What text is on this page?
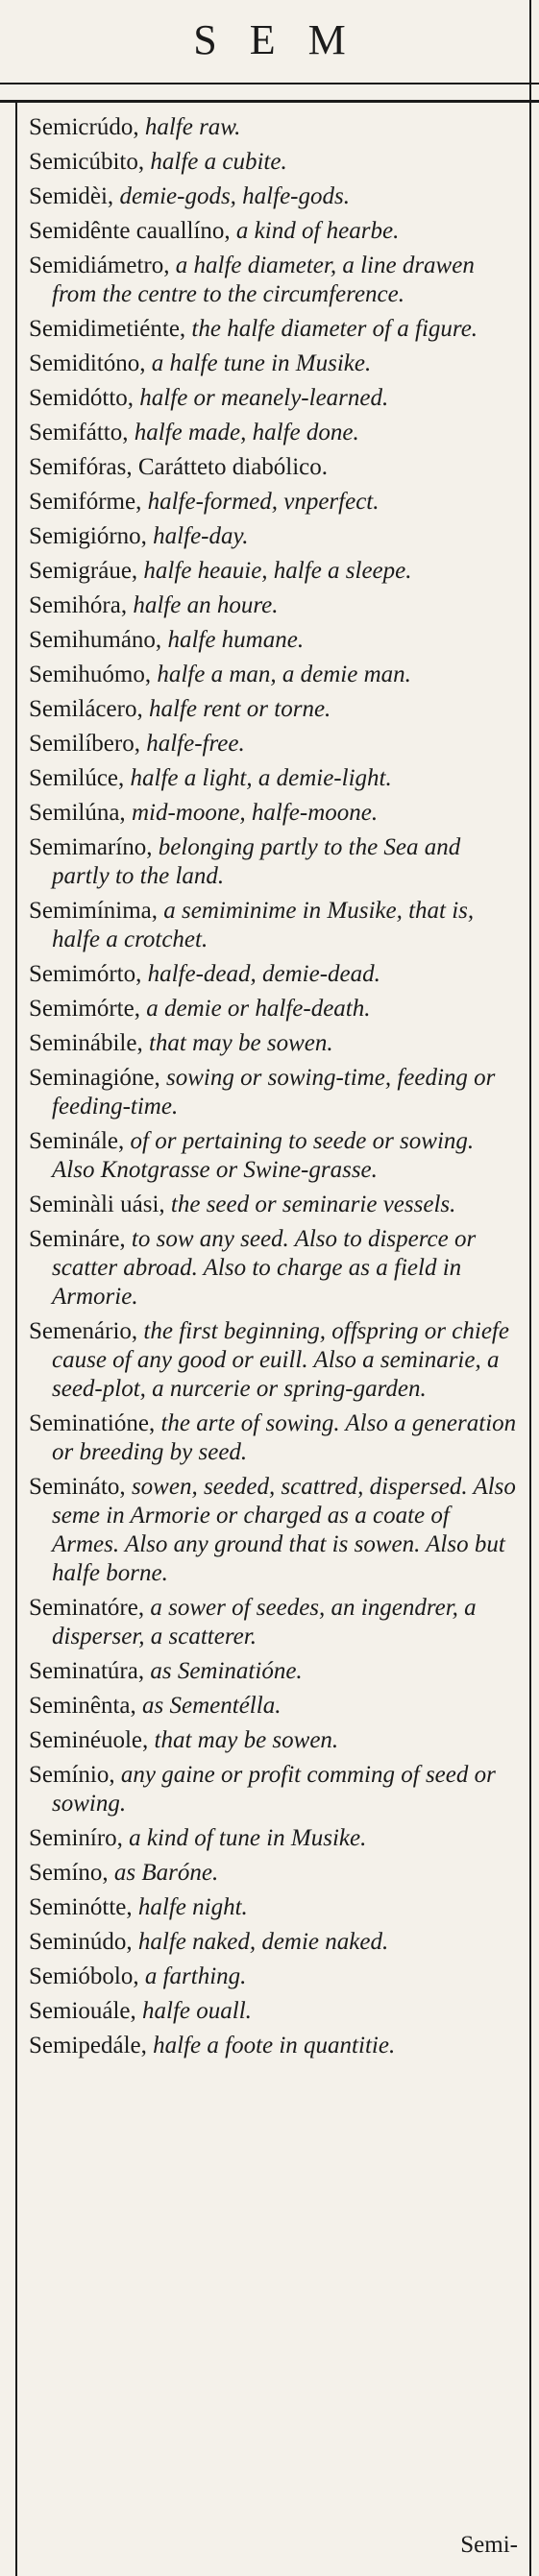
SEM
Semicrúdo, halfe raw.
Semicúbito, halfe a cubite.
Semidèi, demie-gods, halfe-gods.
Semidênte cauallíno, a kind of hearbe.
Semidiámetro, a halfe diameter, a line drawen from the centre to the circumference.
Semidimetiénte, the halfe diameter of a figure.
Semiditóno, a halfe tune in Musike.
Semidótto, halfe or meanely-learned.
Semifátto, halfe made, halfe done.
Semifóras, Carátteto diabólico.
Semifórme, halfe-formed, vnperfect.
Semigiórno, halfe-day.
Semigráue, halfe heauie, halfe a sleepe.
Semihóra, halfe an houre.
Semihumáno, halfe humane.
Semihuómo, halfe a man, a demie man.
Semilácero, halfe rent or torne.
Semilíbero, halfe-free.
Semilúce, halfe a light, a demie-light.
Semilúna, mid-moone, halfe-moone.
Semimaríno, belonging partly to the Sea and partly to the land.
Semimínima, a semiminime in Musike, that is, halfe a crotchet.
Semimórto, halfe-dead, demie-dead.
Semimórte, a demie or halfe-death.
Seminábile, that may be sowen.
Seminagióne, sowing or sowing-time, feeding or feeding-time.
Seminále, of or pertaining to seede or sowing. Also Knotgrasse or Swine-grasse.
Seminàli uási, the seed or seminarie vessels.
Semináre, to sow any seed. Also to disperce or scatter abroad. Also to charge as a field in Armorie.
Semenário, the first beginning, offspring or chiefe cause of any good or euill. Also a seminarie, a seed-plot, a nurcerie or spring-garden.
Seminatióne, the arte of sowing. Also a generation or breeding by seed.
Semináto, sowen, seeded, scattred, dispersed. Also seme in Armorie or charged as a coate of Armes. Also any ground that is sowen. Also but halfe borne.
Seminatóre, a sower of seedes, an ingendrer, a disperser, a scatterer.
Seminatúra, as Seminatióne.
Seminênta, as Sementélla.
Seminéuole, that may be sowen.
Semínio, any gaine or profit comming of seed or sowing.
Seminíro, a kind of tune in Musike.
Semíno, as Baróne.
Seminótte, halfe night.
Seminúdo, halfe naked, demie naked.
Semióbolo, a farthing.
Semiouále, halfe ouall.
Semipedále, halfe a foote in quantitie.
Semi-
